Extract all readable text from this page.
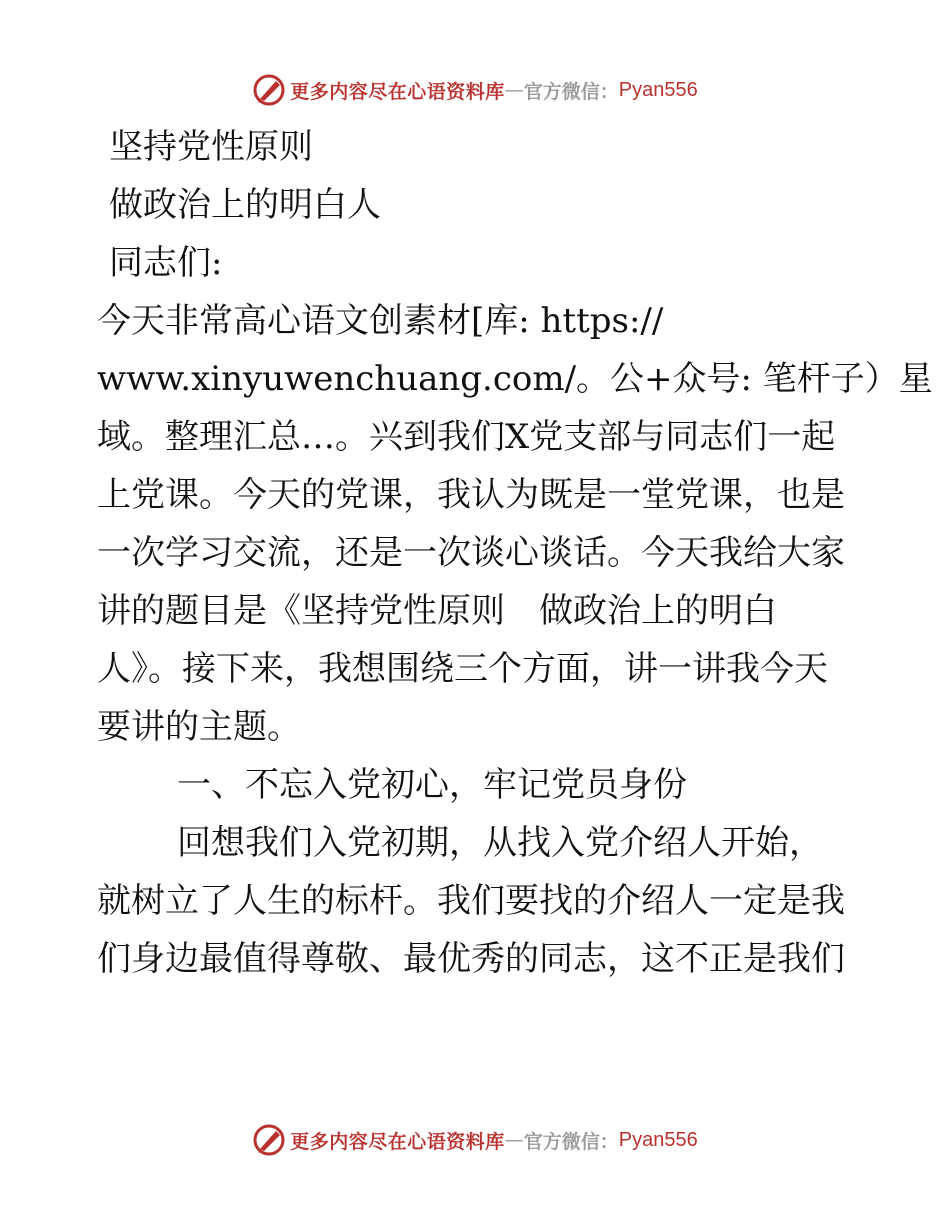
更多内容尽在心语资料库 — 官方微信： Pyan556

坚持党性原则

做政治上的明白人

同志们:

今天非常高心语文创素材[库: https://

www.xinyuwenchuang.com/。公+众号: 笔杆子）星

域。整理汇总…。兴到我们X党支部与同志们一起

上党课。今天的党课，我认为既是一堂党课，也是

一次学习交流，还是一次谈心谈话。今天我给大家

讲的题目是《坚持党性原则　做政治上的明白

人》。接下来，我想围绕三个方面，讲一讲我今天

要讲的主题。

一、不忘入党初心，牢记党员身份

回想我们入党初期，从找入党介绍人开始，

就树立了人生的标杆。我们要找的介绍人一定是我

们身边最值得尊敬、最优秀的同志，这不正是我们

更多内容尽在心语资料库 — 官方微信： Pyan556
